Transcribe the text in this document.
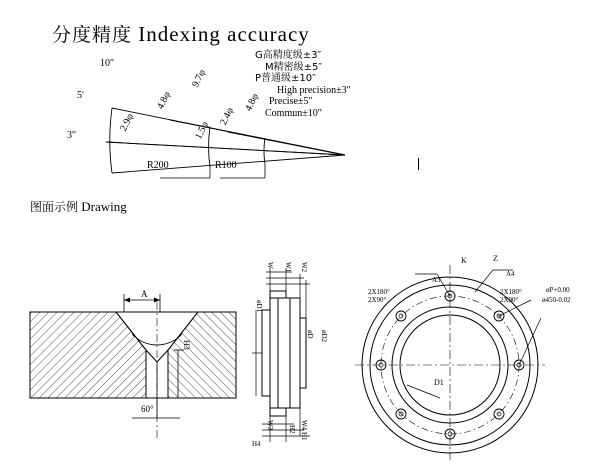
分度精度 Indexing accuracy
10″
5′
3″
9.7φ
4.8φ
2.9φ
4.8φ
2.4φ
1.5φ
R200	R100
G高精度级±3″
M精密级±5″
P普通级±10″
High precision±3″
Precise±5″
Commun±10″
图面示例 Drawing
A
H3
60°
W W1 W2
øD1
øD øD2
W3	W4
H2
H1
H4
K	Z
A3
2X180°
2X90°
A4
2X180°
2X90°
øP+0.00
ø450-0.02
D1
